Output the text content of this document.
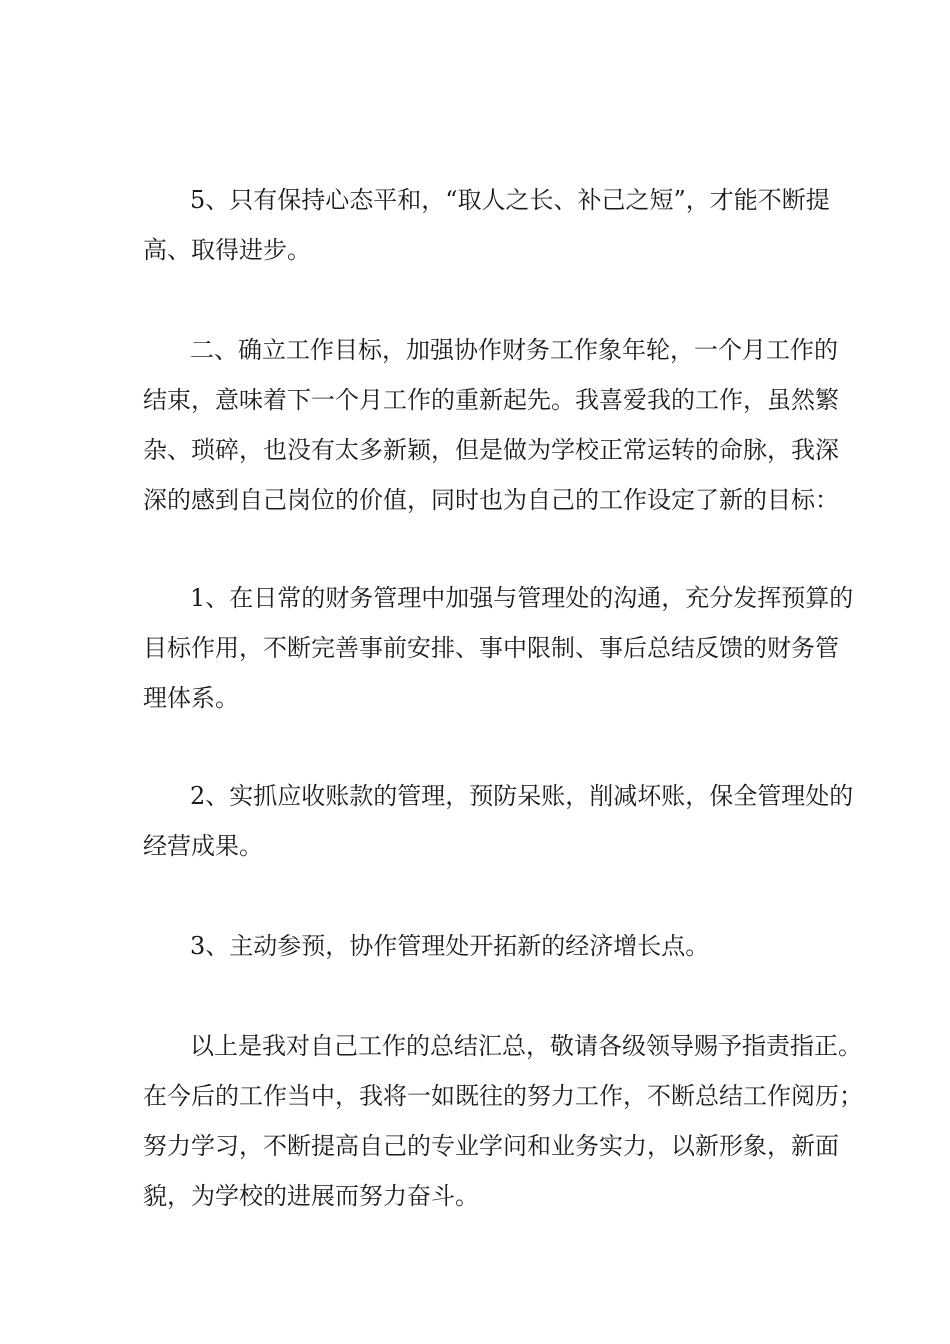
5、只有保持心态平和，“取人之长、补己之短”，才能不断提
高、取得进步。
二、确立工作目标，加强协作财务工作象年轮，一个月工作的
结束，意味着下一个月工作的重新起先。我喜爱我的工作，虽然繁
杂、琐碎，也没有太多新颖，但是做为学校正常运转的命脉，我深
深的感到自己岗位的价值，同时也为自己的工作设定了新的目标：
1、在日常的财务管理中加强与管理处的沟通，充分发挥预算的
目标作用，不断完善事前安排、事中限制、事后总结反馈的财务管
理体系。
2、实抓应收账款的管理，预防呆账，削减坏账，保全管理处的
经营成果。
3、主动参预，协作管理处开拓新的经济增长点。
以上是我对自己工作的总结汇总，敬请各级领导赐予指责指正。
在今后的工作当中，我将一如既往的努力工作，不断总结工作阅历；
努力学习，不断提高自己的专业学问和业务实力，以新形象，新面
貌，为学校的进展而努力奋斗。
